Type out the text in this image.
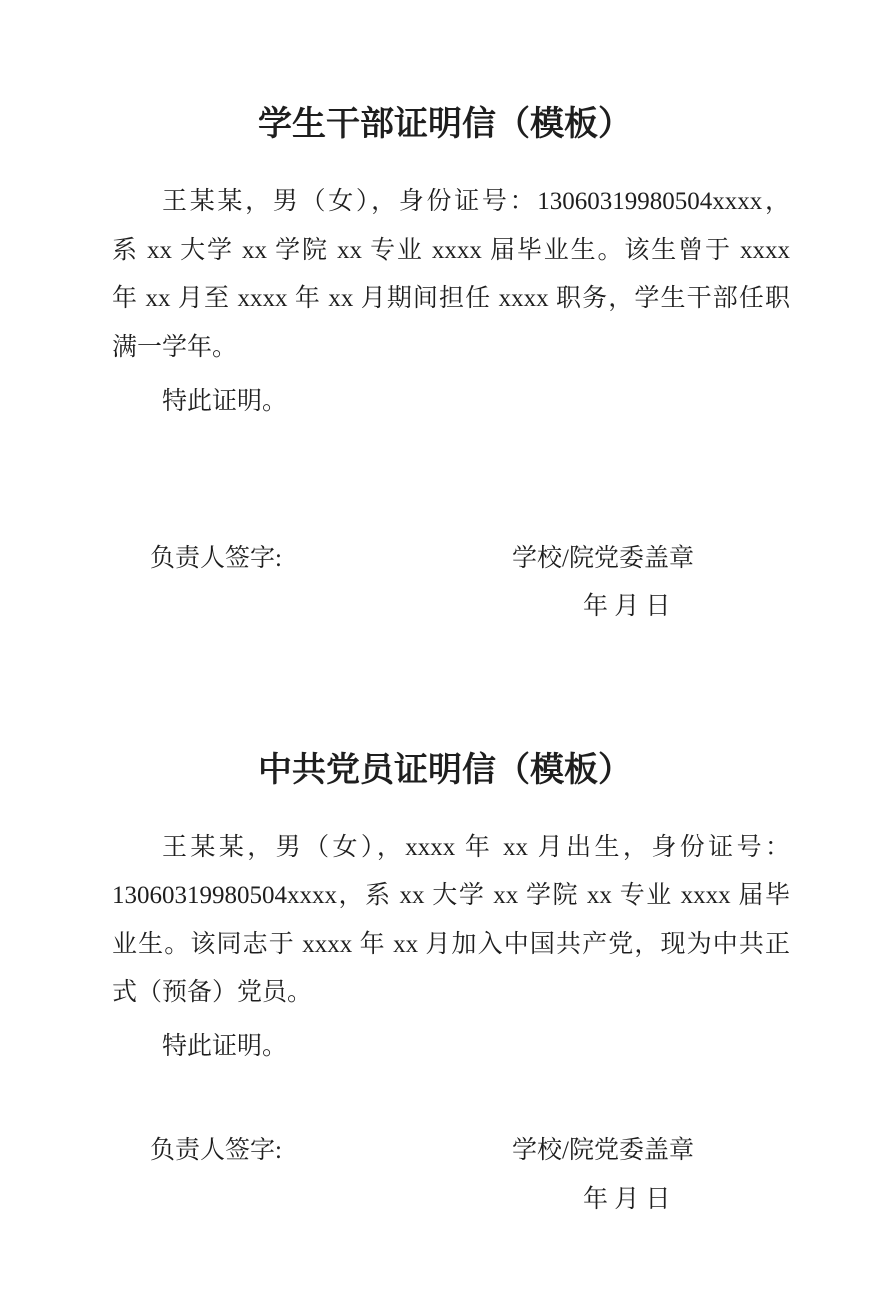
学生干部证明信（模板）
王某某，男（女），身份证号：13060319980504xxxx，
系 xx 大学 xx 学院 xx 专业 xxxx 届毕业生。该生曾于 xxxx
年 xx 月至 xxxx 年 xx 月期间担任 xxxx 职务，学生干部任职
满一学年。
特此证明。
负责人签字:	学校/院党委盖章
年 月 日
中共党员证明信（模板）
王某某，男（女），xxxx 年 xx 月出生，身份证号：
13060319980504xxxx，系 xx 大学 xx 学院 xx 专业 xxxx 届毕
业生。该同志于 xxxx 年 xx 月加入中国共产党，现为中共正
式（预备）党员。
特此证明。
负责人签字:	学校/院党委盖章
年 月 日
